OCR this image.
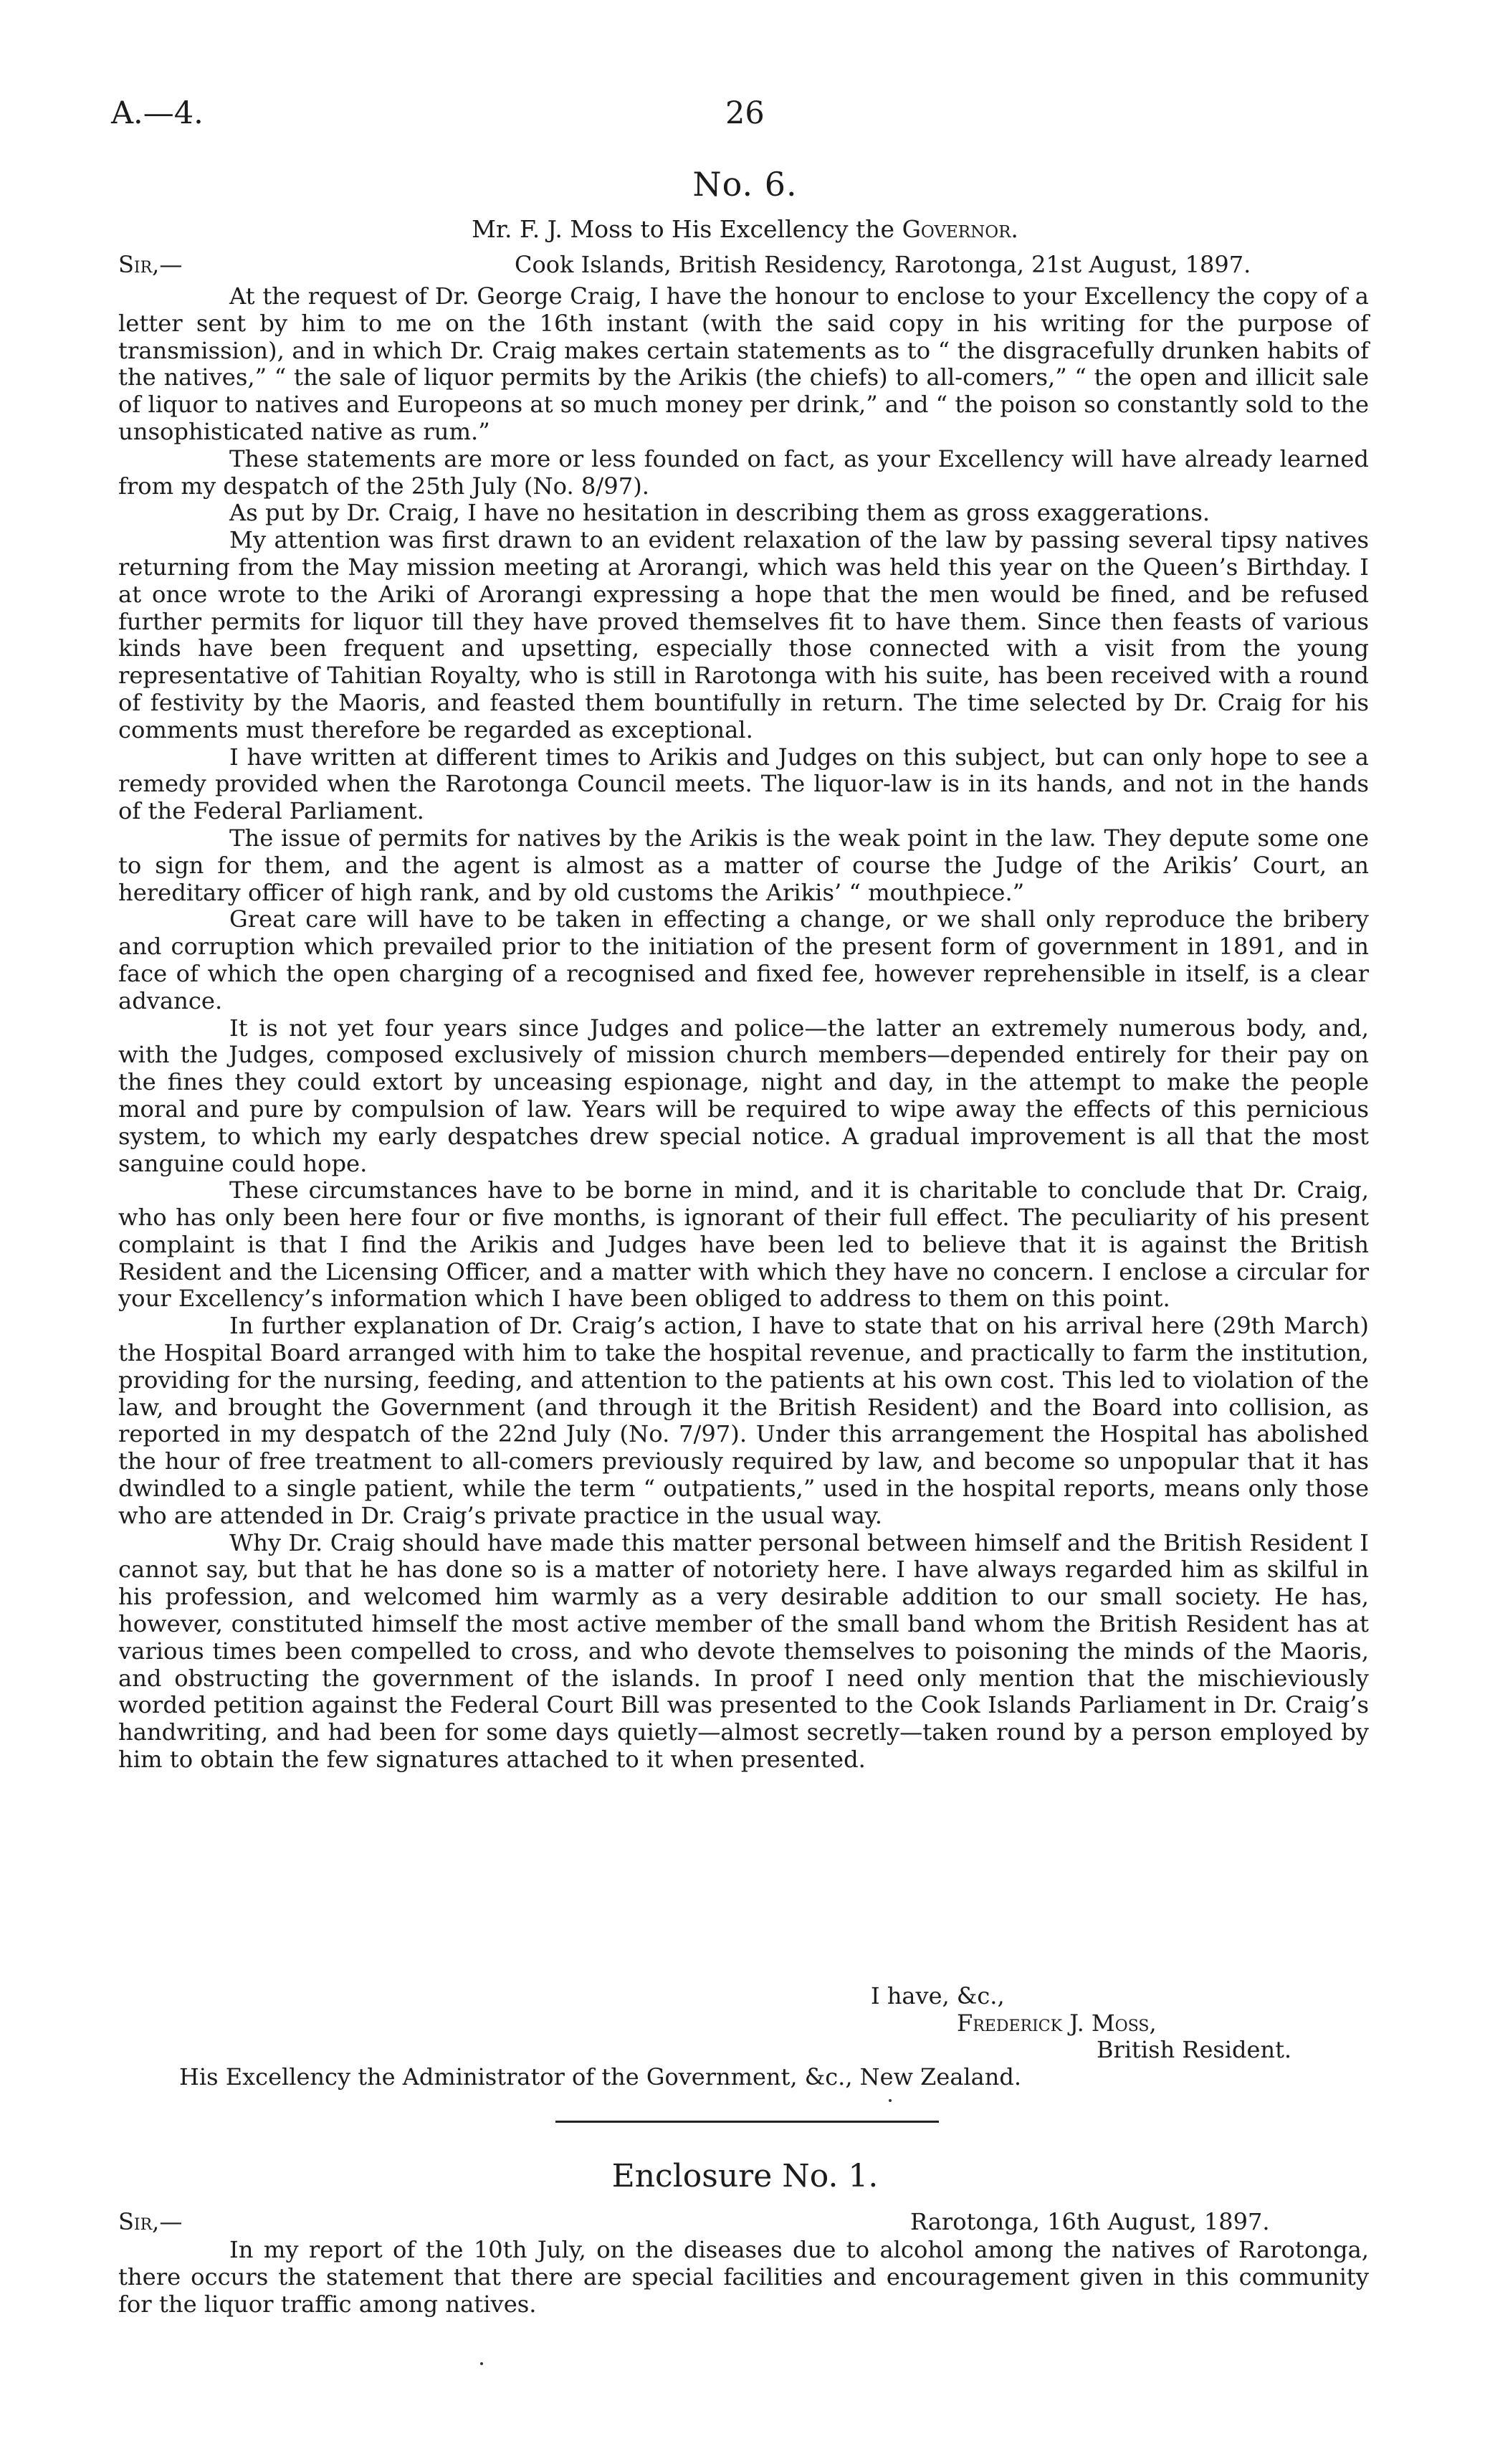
A.—4.	26
No. 6.
Mr. F. J. Moss to His Excellency the Governor.
Sir,—	Cook Islands, British Residency, Rarotonga, 21st August, 1897.

At the request of Dr. George Craig, I have the honour to enclose to your Excellency the copy of a letter sent by him to me on the 16th instant (with the said copy in his writing for the purpose of transmission), and in which Dr. Craig makes certain statements as to “ the disgracefully drunken habits of the natives,” “ the sale of liquor permits by the Arikis (the chiefs) to all-comers,” “ the open and illicit sale of liquor to natives and Europeons at so much money per drink,” and “ the poison so constantly sold to the unsophisticated native as rum.”

These statements are more or less founded on fact, as your Excellency will have already learned from my despatch of the 25th July (No. 8/97).

As put by Dr. Craig, I have no hesitation in describing them as gross exaggerations.

My attention was first drawn to an evident relaxation of the law by passing several tipsy natives returning from the May mission meeting at Arorangi, which was held this year on the Queen’s Birthday. I at once wrote to the Ariki of Arorangi expressing a hope that the men would be fined, and be refused further permits for liquor till they have proved themselves fit to have them. Since then feasts of various kinds have been frequent and upsetting, especially those connected with a visit from the young representative of Tahitian Royalty, who is still in Rarotonga with his suite, has been received with a round of festivity by the Maoris, and feasted them bountifully in return. The time selected by Dr. Craig for his comments must therefore be regarded as exceptional.

I have written at different times to Arikis and Judges on this subject, but can only hope to see a remedy provided when the Rarotonga Council meets. The liquor-law is in its hands, and not in the hands of the Federal Parliament.

The issue of permits for natives by the Arikis is the weak point in the law. They depute some one to sign for them, and the agent is almost as a matter of course the Judge of the Arikis’ Court, an hereditary officer of high rank, and by old customs the Arikis’ “ mouthpiece.”

Great care will have to be taken in effecting a change, or we shall only reproduce the bribery and corruption which prevailed prior to the initiation of the present form of government in 1891, and in face of which the open charging of a recognised and fixed fee, however reprehensible in itself, is a clear advance.

It is not yet four years since Judges and police—the latter an extremely numerous body, and, with the Judges, composed exclusively of mission church members—depended entirely for their pay on the fines they could extort by unceasing espionage, night and day, in the attempt to make the people moral and pure by compulsion of law. Years will be required to wipe away the effects of this pernicious system, to which my early despatches drew special notice. A gradual improvement is all that the most sanguine could hope.

These circumstances have to be borne in mind, and it is charitable to conclude that Dr. Craig, who has only been here four or five months, is ignorant of their full effect. The peculiarity of his present complaint is that I find the Arikis and Judges have been led to believe that it is against the British Resident and the Licensing Officer, and a matter with which they have no concern. I enclose a circular for your Excellency’s information which I have been obliged to address to them on this point.

In further explanation of Dr. Craig’s action, I have to state that on his arrival here (29th March) the Hospital Board arranged with him to take the hospital revenue, and practically to farm the institution, providing for the nursing, feeding, and attention to the patients at his own cost. This led to violation of the law, and brought the Government (and through it the British Resident) and the Board into collision, as reported in my despatch of the 22nd July (No. 7/97). Under this arrangement the Hospital has abolished the hour of free treatment to all-comers previously required by law, and become so unpopular that it has dwindled to a single patient, while the term “ outpatients,” used in the hospital reports, means only those who are attended in Dr. Craig’s private practice in the usual way.

Why Dr. Craig should have made this matter personal between himself and the British Resident I cannot say, but that he has done so is a matter of notoriety here. I have always regarded him as skilful in his profession, and welcomed him warmly as a very desirable addition to our small society. He has, however, constituted himself the most active member of the small band whom the British Resident has at various times been compelled to cross, and who devote themselves to poisoning the minds of the Maoris, and obstructing the government of the islands. In proof I need only mention that the mischieviously worded petition against the Federal Court Bill was presented to the Cook Islands Parliament in Dr. Craig’s handwriting, and had been for some days quietly—almost secretly—taken round by a person employed by him to obtain the few signatures attached to it when presented.

I have, &c.,
Frederick J. Moss,
British Resident.
His Excellency the Administrator of the Government, &c., New Zealand.
Enclosure No. 1.
Sir,—	Rarotonga, 16th August, 1897.

In my report of the 10th July, on the diseases due to alcohol among the natives of Rarotonga, there occurs the statement that there are special facilities and encouragement given in this community for the liquor traffic among natives.
